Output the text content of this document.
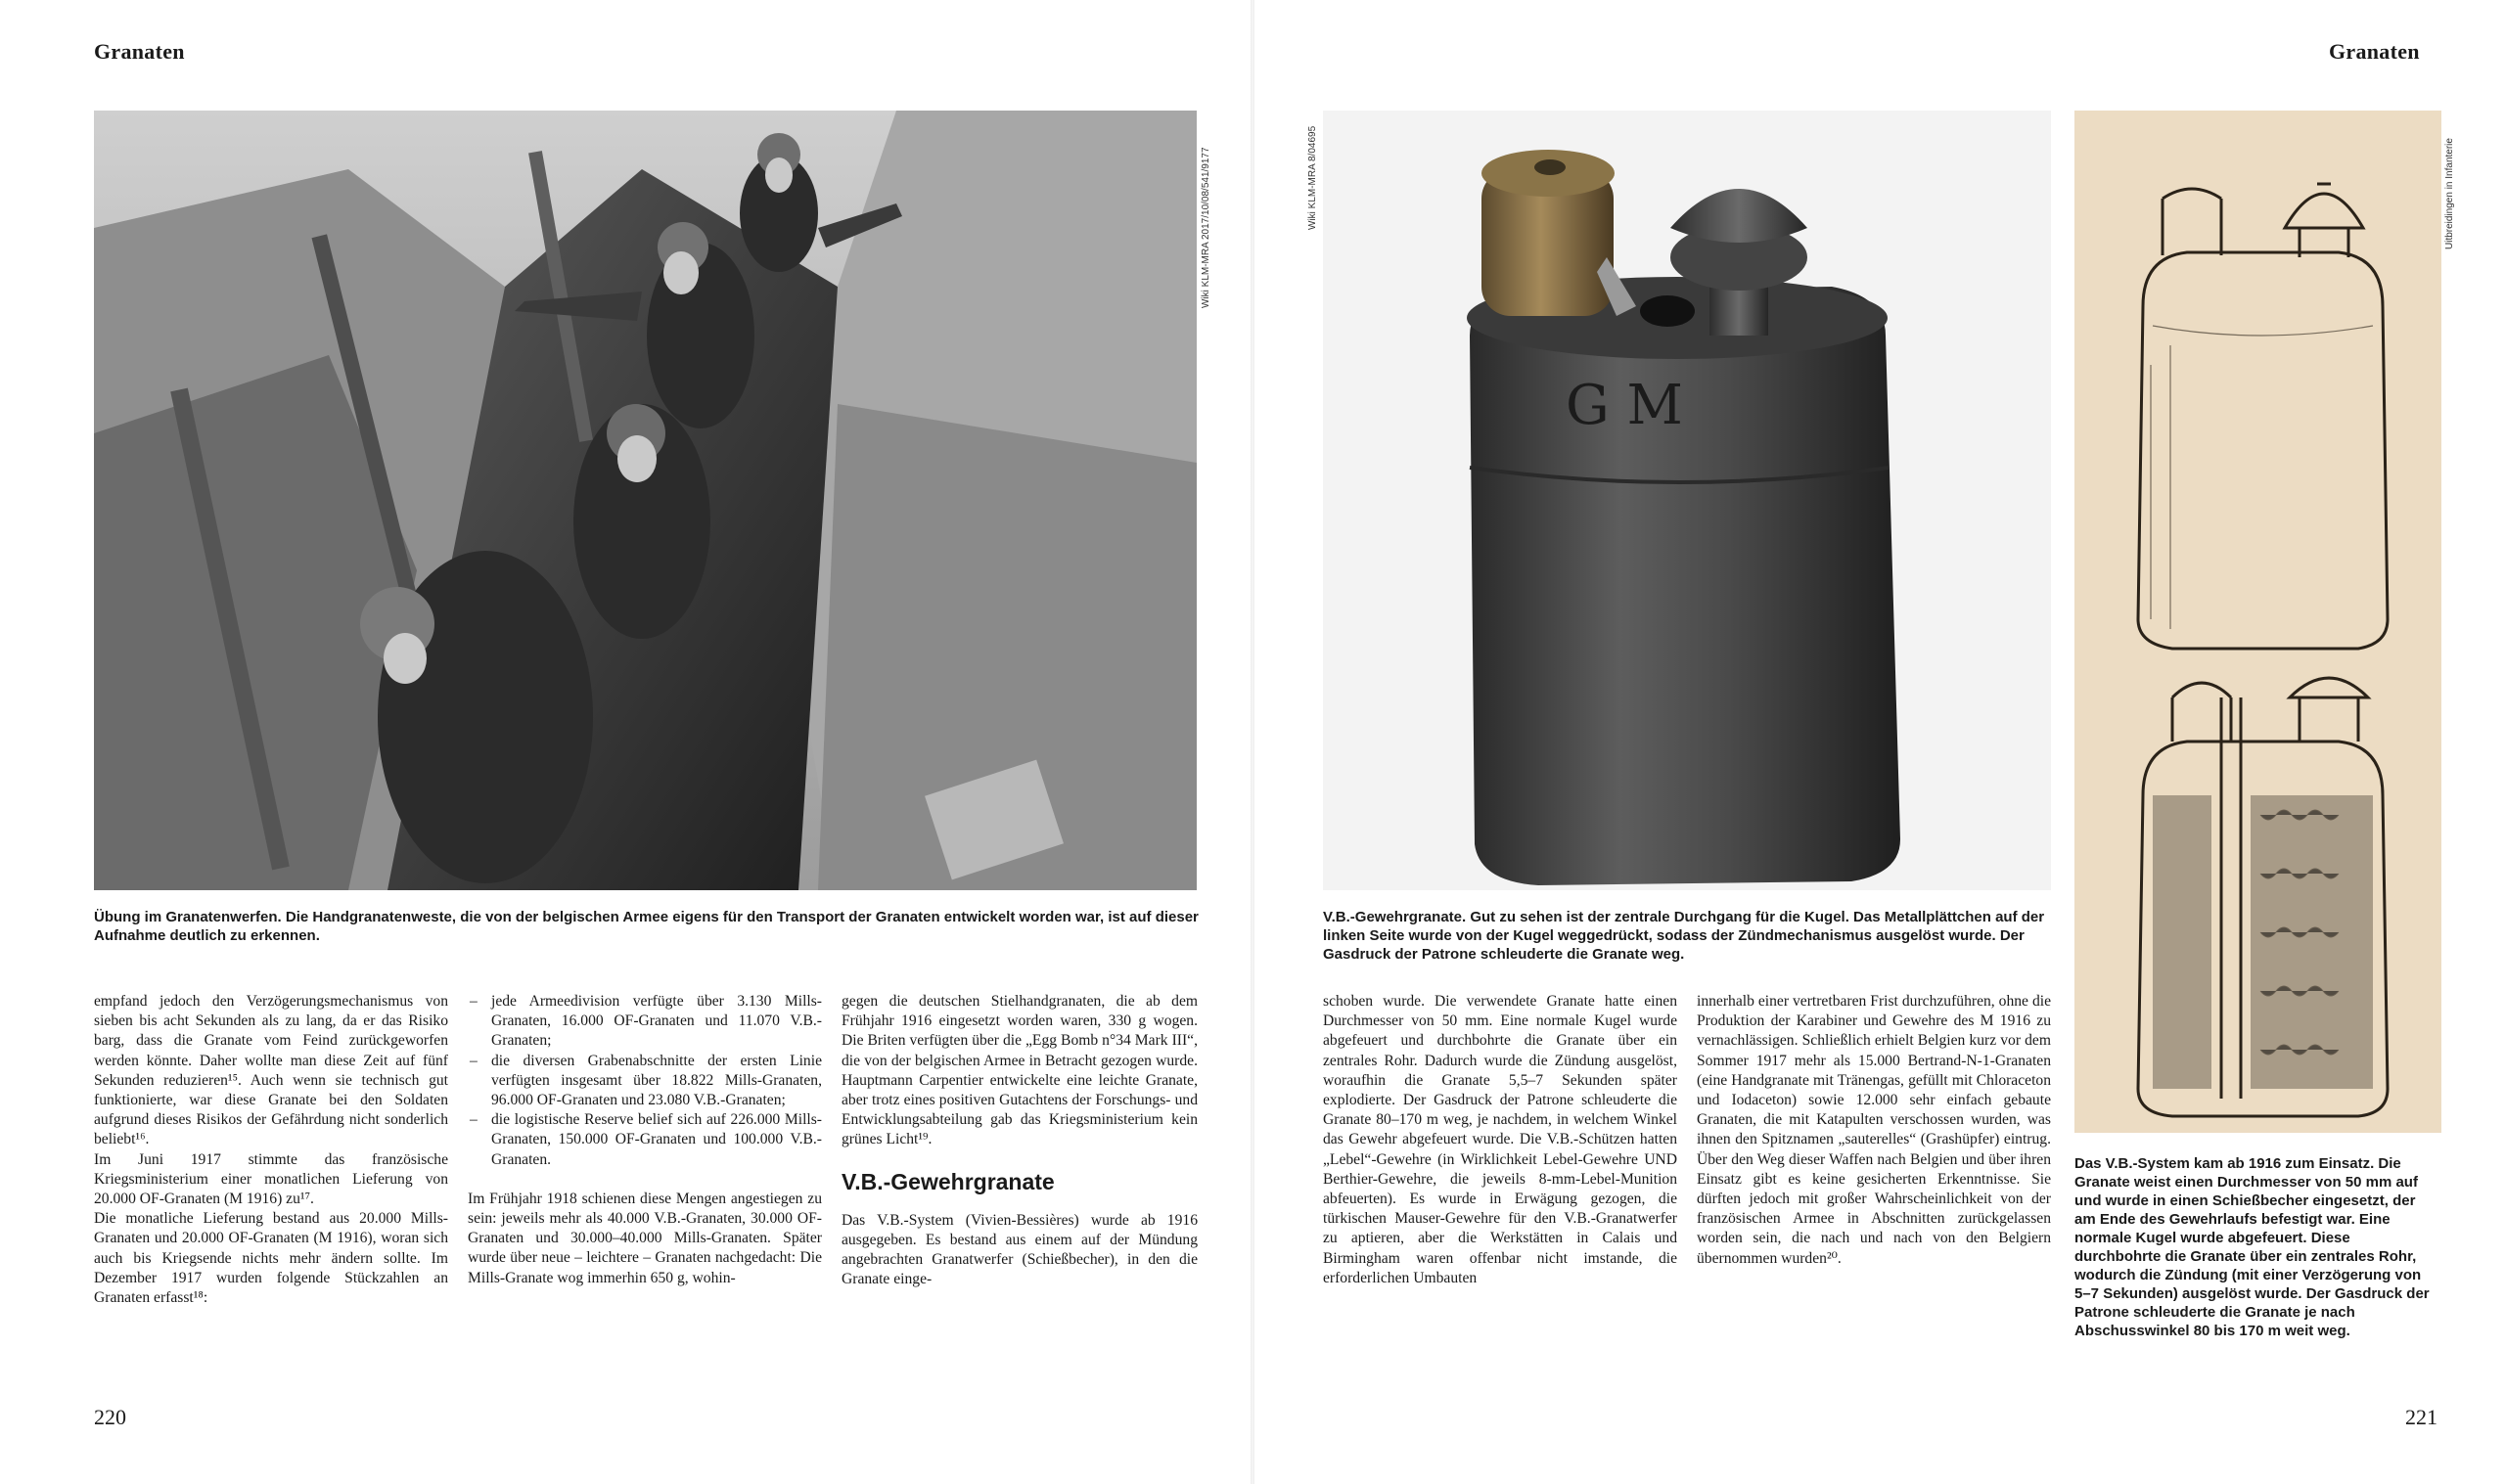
Granaten
Wiki KLM-MRA 2017/10/08/541/9177

Übung im Granatenwerfen. Die Handgranatenweste, die von der belgischen Armee eigens für den Transport der Granaten entwickelt worden war, ist auf dieser Aufnahme deutlich zu erkennen.

empfand jedoch den Verzögerungsmechanismus von sieben bis acht Sekunden als zu lang, da er das Risiko barg, dass die Granate vom Feind zurückgeworfen werden könnte. Daher wollte man diese Zeit auf fünf Sekunden reduzieren¹⁵. Auch wenn sie technisch gut funktionierte, war diese Granate bei den Soldaten aufgrund dieses Risikos der Gefährdung nicht sonderlich beliebt¹⁶.

Im Juni 1917 stimmte das französische Kriegsministerium einer monatlichen Lieferung von 20.000 OF-Granaten (M 1916) zu¹⁷.

Die monatliche Lieferung bestand aus 20.000 Mills-Granaten und 20.000 OF-Granaten (M 1916), woran sich auch bis Kriegsende nichts mehr ändern sollte. Im Dezember 1917 wurden folgende Stückzahlen an Granaten erfasst¹⁸:

– jede Armeedivision verfügte über 3.130 Mills-Granaten, 16.000 OF-Granaten und 11.070 V.B.-Granaten;
– die diversen Grabenabschnitte der ersten Linie verfügten insgesamt über 18.822 Mills-Granaten, 96.000 OF-Granaten und 23.080 V.B.-Granaten;
– die logistische Reserve belief sich auf 226.000 Mills-Granaten, 150.000 OF-Granaten und 100.000 V.B.-Granaten.

Im Frühjahr 1918 schienen diese Mengen angestiegen zu sein: jeweils mehr als 40.000 V.B.-Granaten, 30.000 OF-Granaten und 30.000–40.000 Mills-Granaten. Später wurde über neue – leichtere – Granaten nachgedacht: Die Mills-Granate wog immerhin 650 g, wohin-

gegen die deutschen Stielhandgranaten, die ab dem Frühjahr 1916 eingesetzt worden waren, 330 g wogen. Die Briten verfügten über die „Egg Bomb n°34 Mark III“, die von der belgischen Armee in Betracht gezogen wurde. Hauptmann Carpentier entwickelte eine leichte Granate, aber trotz eines positiven Gutachtens der Forschungs- und Entwicklungsabteilung gab das Kriegsministerium kein grünes Licht¹⁹.

V.B.-Gewehrgranate

Das V.B.-System (Vivien-Bessières) wurde ab 1916 ausgegeben. Es bestand aus einem auf der Mündung angebrachten Granatwerfer (Schießbecher), in den die Granate einge-

220
Granaten
Wiki KLM-MRA 8/04695
G M

V.B.-Gewehrgranate. Gut zu sehen ist der zentrale Durchgang für die Kugel. Das Metallplättchen auf der linken Seite wurde von der Kugel weggedrückt, sodass der Zündmechanismus ausgelöst wurde. Der Gasdruck der Patrone schleuderte die Granate weg.

Uitbreidingen in Infanterie

Das V.B.-System kam ab 1916 zum Einsatz. Die Granate weist einen Durchmesser von 50 mm auf und wurde in einen Schießbecher eingesetzt, der am Ende des Gewehrlaufs befestigt war. Eine normale Kugel wurde abgefeuert. Diese durchbohrte die Granate über ein zentrales Rohr, wodurch die Zündung (mit einer Verzögerung von 5–7 Sekunden) ausgelöst wurde. Der Gasdruck der Patrone schleuderte die Granate je nach Abschusswinkel 80 bis 170 m weit weg.

schoben wurde. Die verwendete Granate hatte einen Durchmesser von 50 mm. Eine normale Kugel wurde abgefeuert und durchbohrte die Granate über ein zentrales Rohr. Dadurch wurde die Zündung ausgelöst, woraufhin die Granate 5,5–7 Sekunden später explodierte. Der Gasdruck der Patrone schleuderte die Granate 80–170 m weg, je nachdem, in welchem Winkel das Gewehr abgefeuert wurde. Die V.B.-Schützen hatten „Lebel“-Gewehre (in Wirklichkeit Lebel-Gewehre UND Berthier-Gewehre, die jeweils 8-mm-Lebel-Munition abfeuerten). Es wurde in Erwägung gezogen, die türkischen Mauser-Gewehre für den V.B.-Granatwerfer zu aptieren, aber die Werkstätten in Calais und Birmingham waren offenbar nicht imstande, die erforderlichen Umbauten

innerhalb einer vertretbaren Frist durchzuführen, ohne die Produktion der Karabiner und Gewehre des M 1916 zu vernachlässigen. Schließlich erhielt Belgien kurz vor dem Sommer 1917 mehr als 15.000 Bertrand-N-1-Granaten (eine Handgranate mit Tränengas, gefüllt mit Chloraceton und Iodaceton) sowie 12.000 sehr einfach gebaute Granaten, die mit Katapulten verschossen wurden, was ihnen den Spitznamen „sauterelles“ (Grashüpfer) eintrug. Über den Weg dieser Waffen nach Belgien und über ihren Einsatz gibt es keine gesicherten Erkenntnisse. Sie dürften jedoch mit großer Wahrscheinlichkeit von der französischen Armee in Abschnitten zurückgelassen worden sein, die nach und nach von den Belgiern übernommen wurden²⁰.

221
